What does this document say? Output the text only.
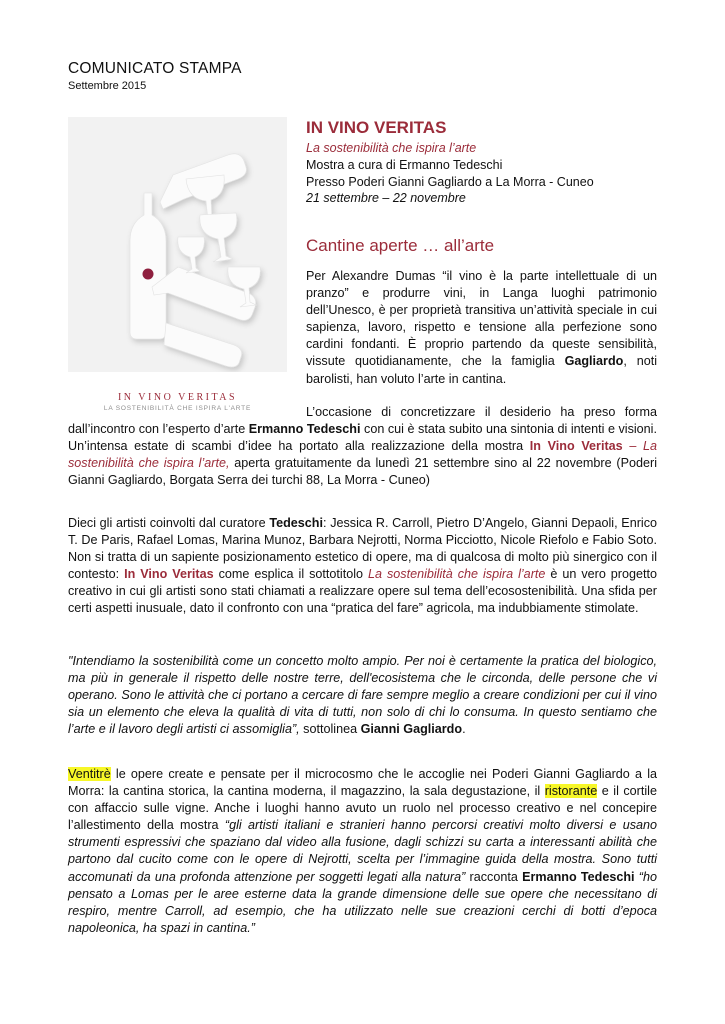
COMUNICATO STAMPA
Settembre 2015
IN VINO VERITAS
LA SOSTENIBILITÀ CHE ISPIRA L'ARTE
IN VINO VERITAS
La sostenibilità che ispira l’arte
Mostra a cura di Ermanno Tedeschi
Presso Poderi Gianni Gagliardo a La Morra - Cuneo
21 settembre – 22 novembre
Cantine aperte … all’arte

Per Alexandre Dumas “il vino è la parte intellettuale di un pranzo” e produrre vini, in Langa luoghi patrimonio dell’Unesco, è per proprietà transitiva un’attività speciale in cui sapienza, lavoro, rispetto e tensione alla perfezione sono cardini fondanti. È proprio partendo da queste sensibilità, vissute quotidianamente, che la famiglia Gagliardo, noti barolisti, han voluto l’arte in cantina.

L’occasione di concretizzare il desiderio ha preso forma dall’incontro con l’esperto d’arte Ermanno Tedeschi con cui è stata subito una sintonia di intenti e visioni. Un’intensa estate di scambi d’idee ha portato alla realizzazione della mostra In Vino Veritas – La sostenibilità che ispira l’arte, aperta gratuitamente da lunedì 21 settembre sino al 22 novembre (Poderi Gianni Gagliardo, Borgata Serra dei turchi 88, La Morra - Cuneo)

Dieci gli artisti coinvolti dal curatore Tedeschi: Jessica R. Carroll, Pietro D’Angelo, Gianni Depaoli, Enrico T. De Paris, Rafael Lomas, Marina Munoz, Barbara Nejrotti, Norma Picciotto, Nicole Riefolo e Fabio Soto. Non si tratta di un sapiente posizionamento estetico di opere, ma di qualcosa di molto più sinergico con il contesto: In Vino Veritas come esplica il sottotitolo La sostenibilità che ispira l’arte è un vero progetto creativo in cui gli artisti sono stati chiamati a realizzare opere sul tema dell’ecosostenibilità. Una sfida per certi aspetti inusuale, dato il confronto con una “pratica del fare” agricola, ma indubbiamente stimolate.

"Intendiamo la sostenibilità come un concetto molto ampio. Per noi è certamente la pratica del biologico, ma più in generale il rispetto delle nostre terre, dell'ecosistema che le circonda, delle persone che vi operano. Sono le attività che ci portano a cercare di fare sempre meglio a creare condizioni per cui il vino sia un elemento che eleva la qualità di vita di tutti, non solo di chi lo consuma. In questo sentiamo che l’arte e il lavoro degli artisti ci assomiglia”, sottolinea Gianni Gagliardo.

Ventitrè le opere create e pensate per il microcosmo che le accoglie nei Poderi Gianni Gagliardo a la Morra: la cantina storica, la cantina moderna, il magazzino, la sala degustazione, il ristorante e il cortile con affaccio sulle vigne. Anche i luoghi hanno avuto un ruolo nel processo creativo e nel concepire l’allestimento della mostra “gli artisti italiani e stranieri hanno percorsi creativi molto diversi e usano strumenti espressivi che spaziano dal video alla fusione, dagli schizzi su carta a interessanti abilità che partono dal cucito come con le opere di Nejrotti, scelta per l’immagine guida della mostra. Sono tutti accomunati da una profonda attenzione per soggetti legati alla natura” racconta Ermanno Tedeschi “ho pensato a Lomas per le aree esterne data la grande dimensione delle sue opere che necessitano di respiro, mentre Carroll, ad esempio, che ha utilizzato nelle sue creazioni cerchi di botti d’epoca napoleonica, ha spazi in cantina.”
